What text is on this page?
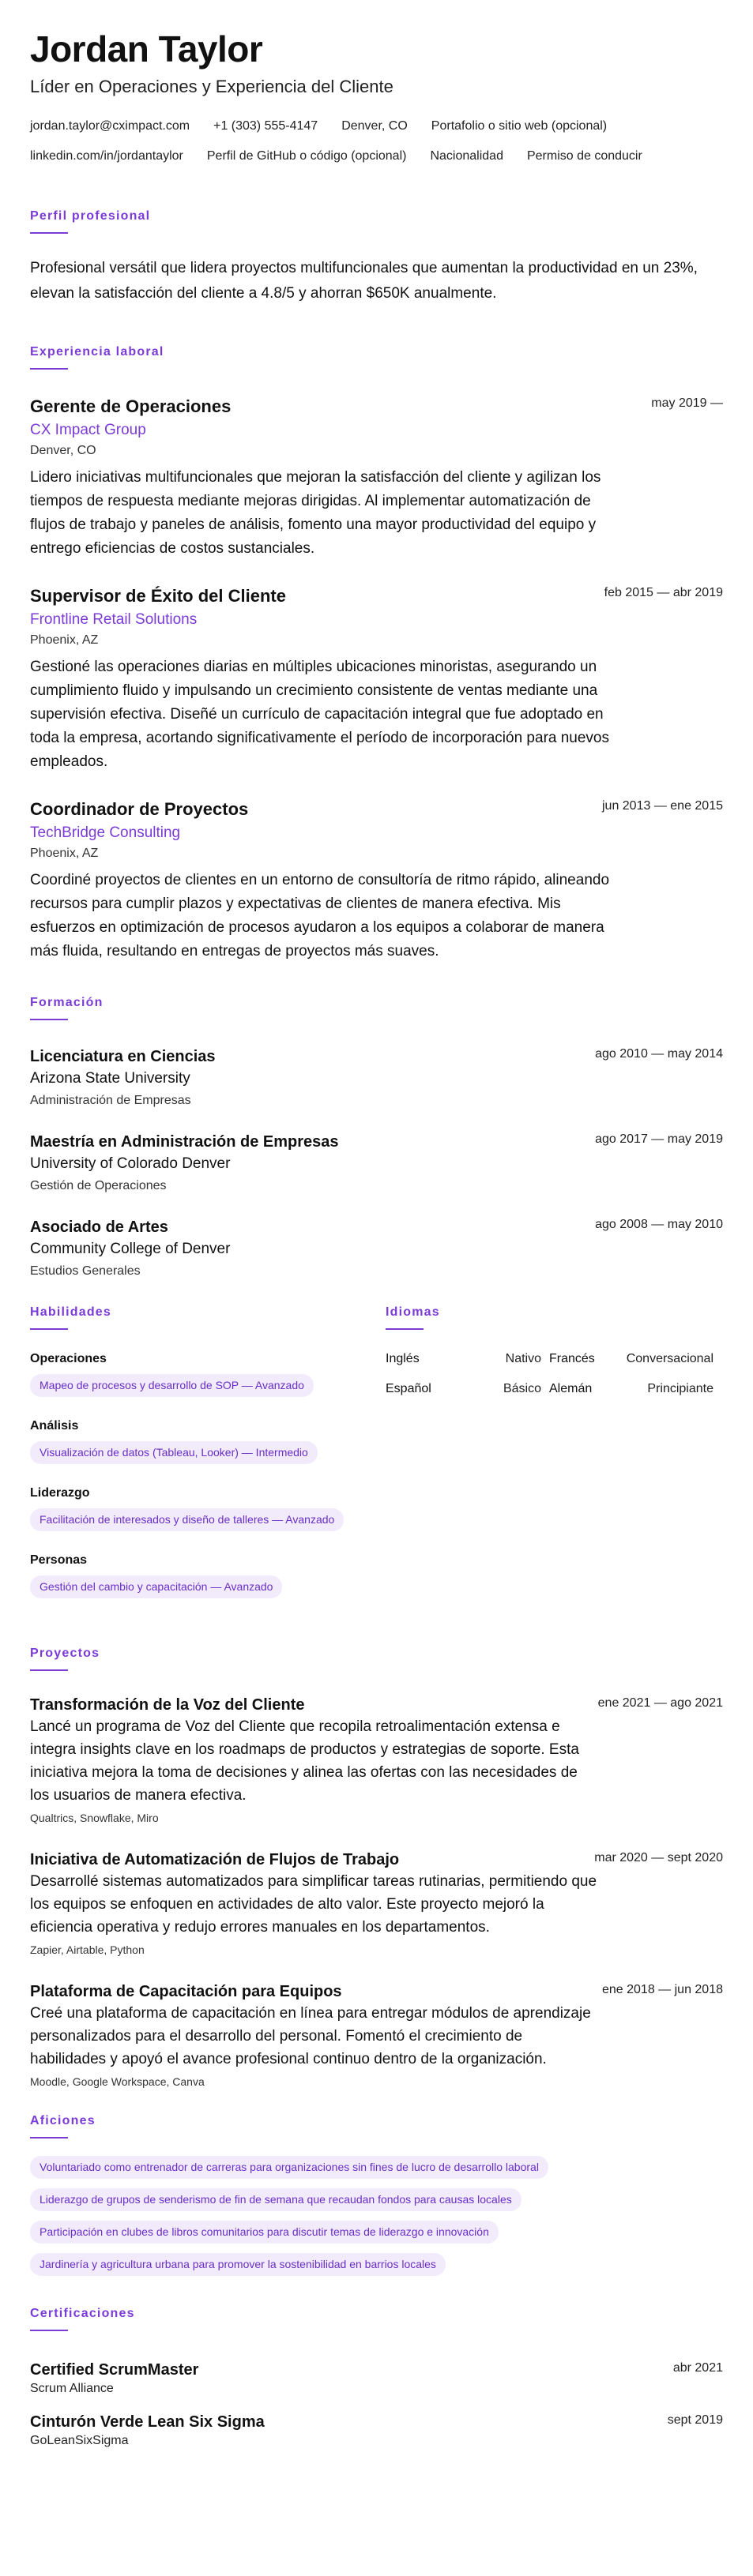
Jordan Taylor
Líder en Operaciones y Experiencia del Cliente
jordan.taylor@cximpact.com +1 (303) 555-4147 Denver, CO Portafolio o sitio web (opcional)
linkedin.com/in/jordantaylor Perfil de GitHub o código (opcional) Nacionalidad Permiso de conducir
Perfil profesional

Profesional versátil que lidera proyectos multifuncionales que aumentan la productividad en un 23%, elevan la satisfacción del cliente a 4.8/5 y ahorran $650K anualmente.

Experiencia laboral
Gerente de Operaciones	may 2019 —
CX Impact Group
Denver, CO

Lidero iniciativas multifuncionales que mejoran la satisfacción del cliente y agilizan los tiempos de respuesta mediante mejoras dirigidas. Al implementar automatización de flujos de trabajo y paneles de análisis, fomento una mayor productividad del equipo y entrego eficiencias de costos sustanciales.

Supervisor de Éxito del Cliente	feb 2015 — abr 2019
Frontline Retail Solutions
Phoenix, AZ

Gestioné las operaciones diarias en múltiples ubicaciones minoristas, asegurando un cumplimiento fluido y impulsando un crecimiento consistente de ventas mediante una supervisión efectiva. Diseñé un currículo de capacitación integral que fue adoptado en toda la empresa, acortando significativamente el período de incorporación para nuevos empleados.

Coordinador de Proyectos	jun 2013 — ene 2015
TechBridge Consulting
Phoenix, AZ

Coordiné proyectos de clientes en un entorno de consultoría de ritmo rápido, alineando recursos para cumplir plazos y expectativas de clientes de manera efectiva. Mis esfuerzos en optimización de procesos ayudaron a los equipos a colaborar de manera más fluida, resultando en entregas de proyectos más suaves.

Formación
Licenciatura en Ciencias	ago 2010 — may 2014
Arizona State University
Administración de Empresas
Maestría en Administración de Empresas	ago 2017 — may 2019
University of Colorado Denver
Gestión de Operaciones
Asociado de Artes	ago 2008 — may 2010
Community College of Denver
Estudios Generales
Habilidades
Operaciones
Mapeo de procesos y desarrollo de SOP — Avanzado
Análisis
Visualización de datos (Tableau, Looker) — Intermedio
Liderazgo
Facilitación de interesados y diseño de talleres — Avanzado
Personas
Gestión del cambio y capacitación — Avanzado
Idiomas
Inglés	Nativo Francés	Conversacional
Español	Básico Alemán	Principiante
Proyectos
Transformación de la Voz del Cliente	ene 2021 — ago 2021

Lancé un programa de Voz del Cliente que recopila retroalimentación extensa e integra insights clave en los roadmaps de productos y estrategias de soporte. Esta iniciativa mejora la toma de decisiones y alinea las ofertas con las necesidades de los usuarios de manera efectiva.

Qualtrics, Snowflake, Miro
Iniciativa de Automatización de Flujos de Trabajo	mar 2020 — sept 2020

Desarrollé sistemas automatizados para simplificar tareas rutinarias, permitiendo que los equipos se enfoquen en actividades de alto valor. Este proyecto mejoró la eficiencia operativa y redujo errores manuales en los departamentos.

Zapier, Airtable, Python
Plataforma de Capacitación para Equipos	ene 2018 — jun 2018

Creé una plataforma de capacitación en línea para entregar módulos de aprendizaje personalizados para el desarrollo del personal. Fomentó el crecimiento de habilidades y apoyó el avance profesional continuo dentro de la organización.

Moodle, Google Workspace, Canva
Aficiones
Voluntariado como entrenador de carreras para organizaciones sin fines de lucro de desarrollo laboral
Liderazgo de grupos de senderismo de fin de semana que recaudan fondos para causas locales
Participación en clubes de libros comunitarios para discutir temas de liderazgo e innovación
Jardinería y agricultura urbana para promover la sostenibilidad en barrios locales
Certificaciones
Certified ScrumMaster	abr 2021
Scrum Alliance
Cinturón Verde Lean Six Sigma	sept 2019
GoLeanSixSigma
